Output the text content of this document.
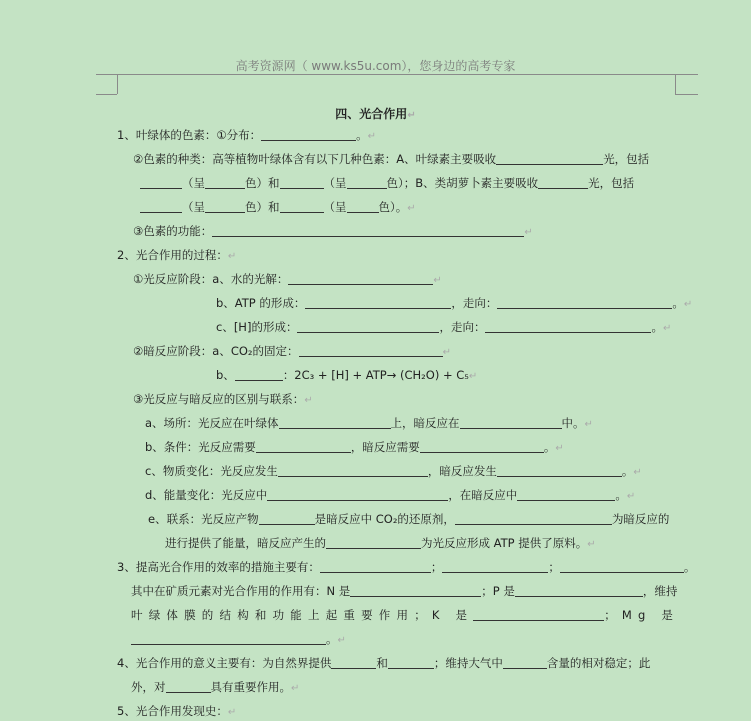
高考资源网（ www.ks5u.com），您身边的高考专家
四、光合作用↵
1、叶绿体的色素：①分布：	。↵
②色素的种类：高等植物叶绿体含有以下几种色素：A、叶绿素主要吸收	光，包括
（呈	色）和	（呈	色）；B、类胡萝卜素主要吸收	光，包括
（呈	色）和	（呈	色）。↵
③色素的功能：	↵
2、光合作用的过程：↵
①光反应阶段：a、水的光解：	↵
b、ATP 的形成：	，走向：	。↵
c、[H]的形成：	，走向：	。↵
②暗反应阶段：a、CO₂的固定：	↵
b、	：2C₃ + [H] + ATP→ (CH₂O) + C₅↵
③光反应与暗反应的区别与联系：↵
a、场所：光反应在叶绿体	上，暗反应在	中。↵
b、条件：光反应需要	，暗反应需要	。↵
c、物质变化：光反应发生	，暗反应发生	。↵
d、能量变化：光反应中	，在暗反应中	。↵
e、联系：光反应产物	是暗反应中 CO₂的还原剂，	为暗反应的
进行提供了能量，暗反应产生的	为光反应形成 ATP 提供了原料。↵
3、提高光合作用的效率的措施主要有：	；	；	。
其中在矿质元素对光合作用的作用有：N 是	；P 是	，维持
叶绿体膜的结构和功能上起重要作用；K 是	；Mg 是
。↵
4、光合作用的意义主要有：为自然界提供	和	；维持大气中	含量的相对稳定；此
外，对	具有重要作用。↵
5、光合作用发现史：↵
